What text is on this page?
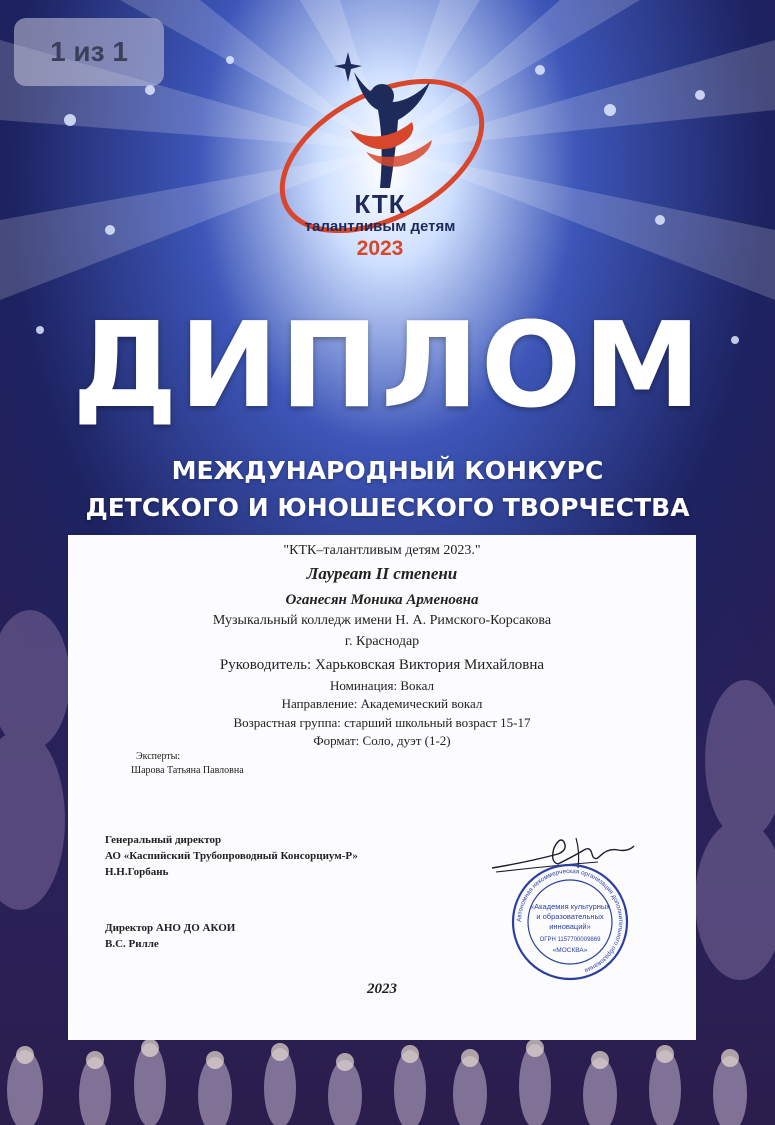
1 из 1
КТК
талантливым детям
2023
ДИПЛОМ
МЕЖДУНАРОДНЫЙ КОНКУРС
ДЕТСКОГО И ЮНОШЕСКОГО ТВОРЧЕСТВА
"КТК–талантливым детям 2023."
Лауреат II степени
Оганесян Моника Арменовна
Музыкальный колледж имени Н. А. Римского-Корсакова
г. Краснодар
Руководитель: Харьковская Виктория Михайловна
Номинация: Вокал
Направление: Академический вокал
Возрастная группа: старший школьный возраст 15-17
Формат: Соло, дуэт (1-2)
Эксперты:
Шарова Татьяна Павловна
Генеральный директор
АО «Каспийский Трубопроводный Консорциум-Р»
Н.Н.Горбань
Директор АНО ДО АКОИ
В.С. Рилле
2023
Автономная некоммерческая организация дополнительного образования
«Академия культурных
и образовательных
инноваций»
ОГРН 1157700009869
«МОСКВА»
